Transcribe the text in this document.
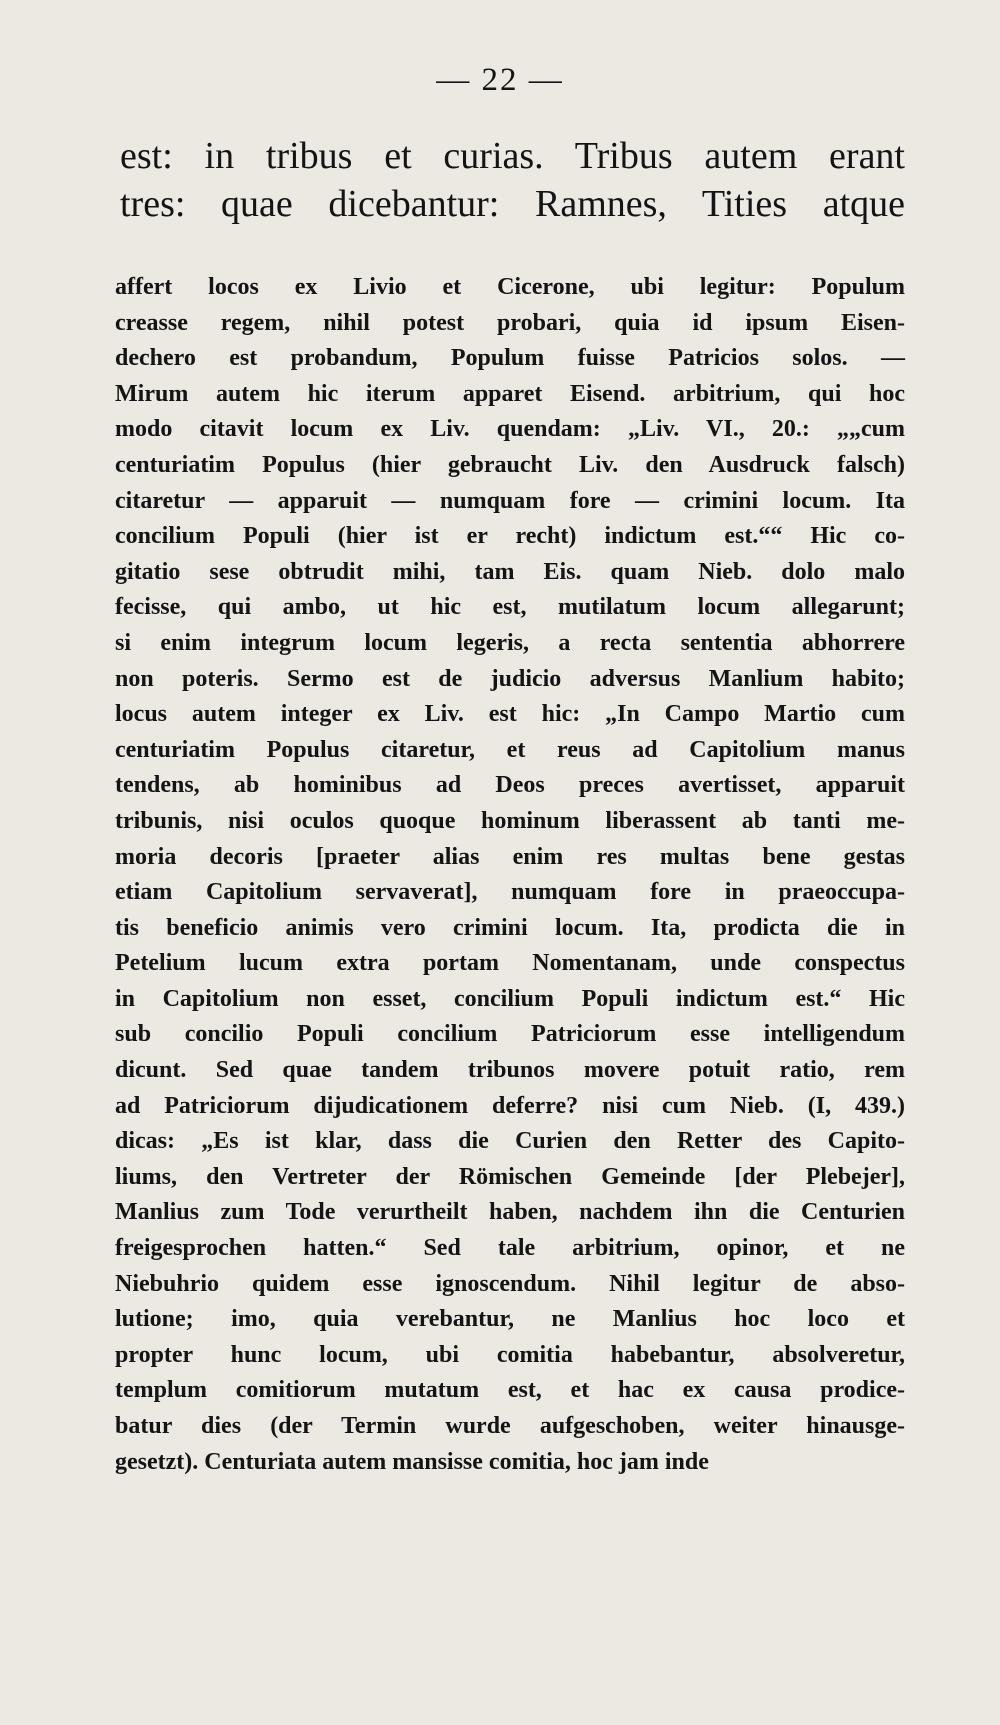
— 22 —
est: in tribus et curias. Tribus autem erant
tres: quae dicebantur: Ramnes, Tities atque
affert locos ex Livio et Cicerone, ubi legitur: Populum
creasse regem, nihil potest probari, quia id ipsum Eisen-
dechero est probandum, Populum fuisse Patricios solos. —
Mirum autem hic iterum apparet Eisend. arbitrium, qui hoc
modo citavit locum ex Liv. quendam: „Liv. VI., 20.: „„cum
centuriatim Populus (hier gebraucht Liv. den Ausdruck falsch)
citaretur — apparuit — numquam fore — crimini locum. Ita
concilium Populi (hier ist er recht) indictum est.““ Hic co-
gitatio sese obtrudit mihi, tam Eis. quam Nieb. dolo malo
fecisse, qui ambo, ut hic est, mutilatum locum allegarunt;
si enim integrum locum legeris, a recta sententia abhorrere
non poteris. Sermo est de judicio adversus Manlium habito;
locus autem integer ex Liv. est hic: „In Campo Martio cum
centuriatim Populus citaretur, et reus ad Capitolium manus
tendens, ab hominibus ad Deos preces avertisset, apparuit
tribunis, nisi oculos quoque hominum liberassent ab tanti me-
moria decoris [praeter alias enim res multas bene gestas
etiam Capitolium servaverat], numquam fore in praeoccupa-
tis beneficio animis vero crimini locum. Ita, prodicta die in
Petelium lucum extra portam Nomentanam, unde conspectus
in Capitolium non esset, concilium Populi indictum est.“ Hic
sub concilio Populi concilium Patriciorum esse intelligendum
dicunt. Sed quae tandem tribunos movere potuit ratio, rem
ad Patriciorum dijudicationem deferre? nisi cum Nieb. (I, 439.)
dicas: „Es ist klar, dass die Curien den Retter des Capito-
liums, den Vertreter der Römischen Gemeinde [der Plebejer],
Manlius zum Tode verurtheilt haben, nachdem ihn die Centurien
freigesprochen hatten.“ Sed tale arbitrium, opinor, et ne
Niebuhrio quidem esse ignoscendum. Nihil legitur de abso-
lutione; imo, quia verebantur, ne Manlius hoc loco et
propter hunc locum, ubi comitia habebantur, absolveretur,
templum comitiorum mutatum est, et hac ex causa prodice-
batur dies (der Termin wurde aufgeschoben, weiter hinausge-
gesetzt). Centuriata autem mansisse comitia, hoc jam inde
